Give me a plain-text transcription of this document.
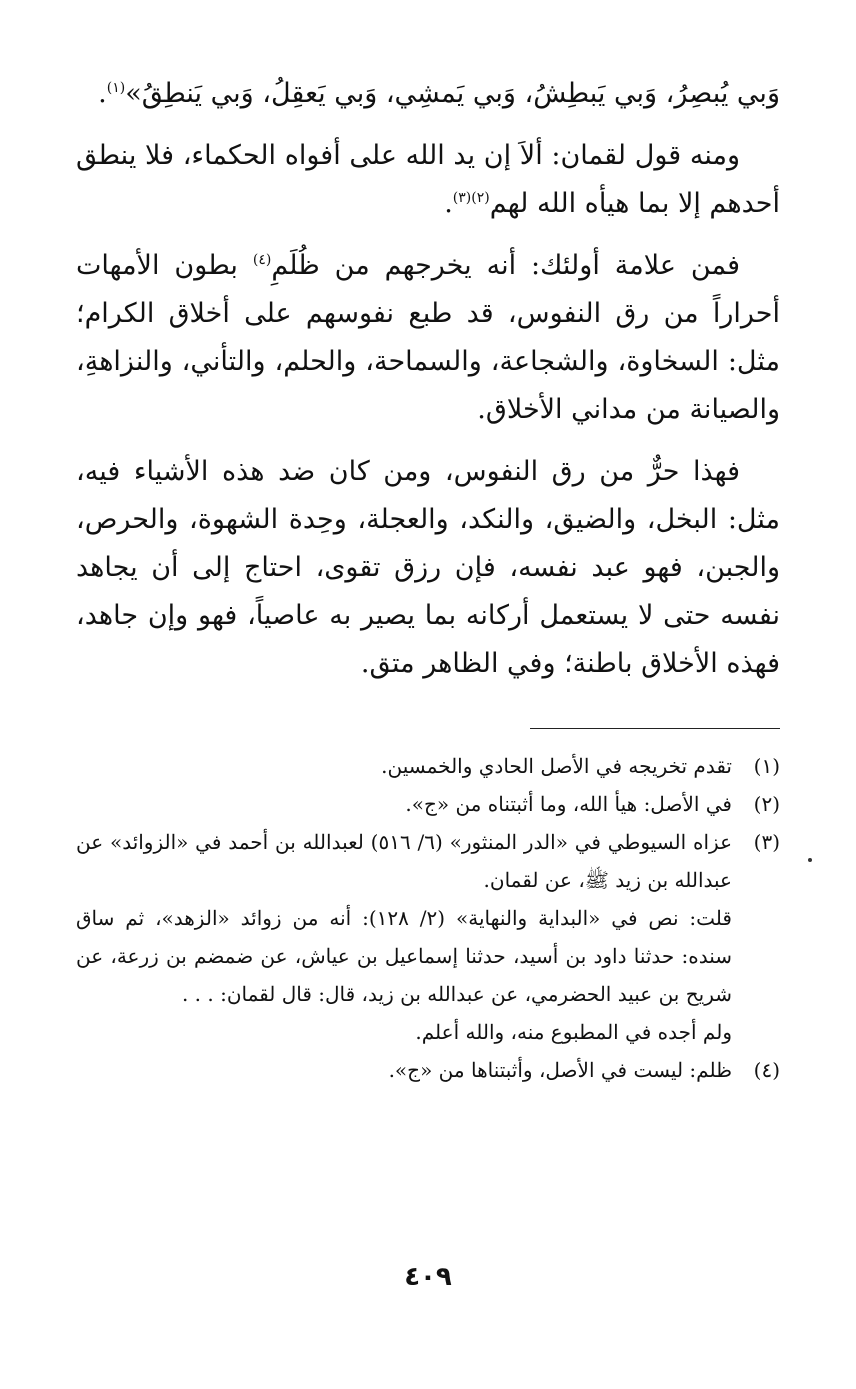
وَبي يُبصِرُ، وَبي يَبطِشُ، وَبي يَمشِي، وَبي يَعقِلُ، وَبي يَنطِقُ»$^{(١)}$.

ومنه قول لقمان: ألاَ إن يد الله على أفواه الحكماء، فلا ينطق أحدهم إلا بما هيأه الله لهم$^{(٢)(٣)}$.

فمن علامة أولئك: أنه يخرجهم من ظُلَمِ$^{(٤)}$ بطون الأمهات أحراراً من رق النفوس، قد طبع نفوسهم على أخلاق الكرام؛ مثل: السخاوة، والشجاعة، والسماحة، والحلم، والتأني، والنزاهةِ، والصيانة من مداني الأخلاق.

فهذا حرٌّ من رق النفوس، ومن كان ضد هذه الأشياء فيه، مثل: البخل، والضيق، والنكد، والعجلة، وحِدة الشهوة، والحرص، والجبن، فهو عبد نفسه، فإن رزق تقوى، احتاج إلى أن يجاهد نفسه حتى لا يستعمل أركانه بما يصير به عاصياً، فهو وإن جاهد، فهذه الأخلاق باطنة؛ وفي الظاهر متق.

(١)

تقدم تخريجه في الأصل الحادي والخمسين.

(٢)

في الأصل: هيأ الله، وما أثبتناه من «ج».

(٣)

عزاه السيوطي في «الدر المنثور» (٦/ ٥١٦) لعبدالله بن أحمد في «الزوائد» عن عبدالله بن زيد ﷺ، عن لقمان.

قلت: نص في «البداية والنهاية» (٢/ ١٢٨): أنه من زوائد «الزهد»، ثم ساق سنده: حدثنا داود بن أسيد، حدثنا إسماعيل بن عياش، عن ضمضم بن زرعة، عن شريح بن عبيد الحضرمي، عن عبدالله بن زيد، قال: قال لقمان: . . .

ولم أجده في المطبوع منه، والله أعلم.

(٤)

ظلم: ليست في الأصل، وأثبتناها من «ج».

٤٠٩
